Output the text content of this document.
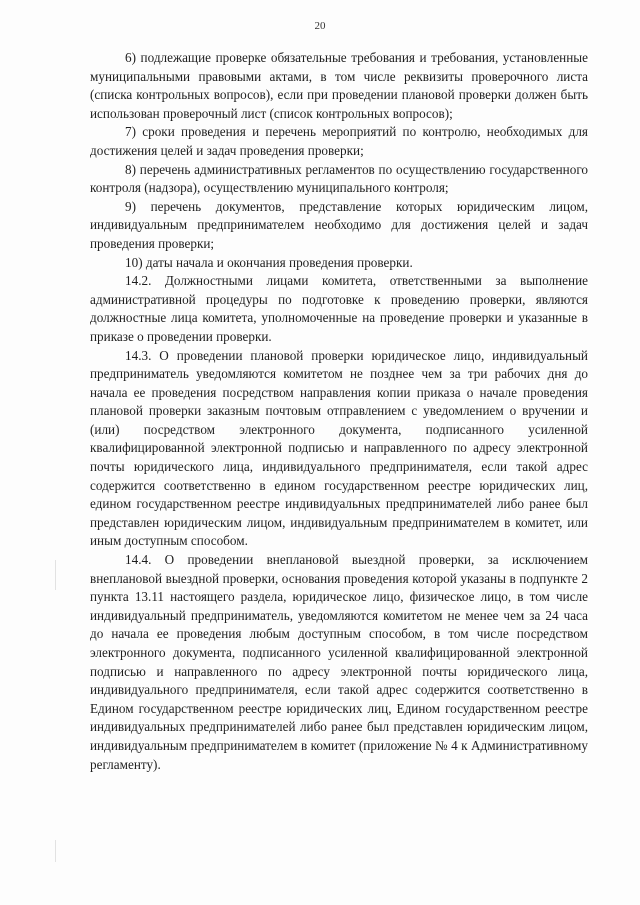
20

6) подлежащие проверке обязательные требования и требования, установленные муниципальными правовыми актами, в том числе реквизиты проверочного листа (списка контрольных вопросов), если при проведении плановой проверки должен быть использован проверочный лист (список контрольных вопросов);

7) сроки проведения и перечень мероприятий по контролю, необходимых для достижения целей и задач проведения проверки;

8) перечень административных регламентов по осуществлению государственного контроля (надзора), осуществлению муниципального контроля;

9) перечень документов, представление которых юридическим лицом, индивидуальным предпринимателем необходимо для достижения целей и задач проведения проверки;

10) даты начала и окончания проведения проверки.

14.2. Должностными лицами комитета, ответственными за выполнение административной процедуры по подготовке к проведению проверки, являются должностные лица комитета, уполномоченные на проведение проверки и указанные в приказе о проведении проверки.

14.3. О проведении плановой проверки юридическое лицо, индивидуальный предприниматель уведомляются комитетом не позднее чем за три рабочих дня до начала ее проведения посредством направления копии приказа о начале проведения плановой проверки заказным почтовым отправлением с уведомлением о вручении и (или) посредством электронного документа, подписанного усиленной квалифицированной электронной подписью и направленного по адресу электронной почты юридического лица, индивидуального предпринимателя, если такой адрес содержится соответственно в едином государственном реестре юридических лиц, едином государственном реестре индивидуальных предпринимателей либо ранее был представлен юридическим лицом, индивидуальным предпринимателем в комитет, или иным доступным способом.

14.4. О проведении внеплановой выездной проверки, за исключением внеплановой выездной проверки, основания проведения которой указаны в подпункте 2 пункта 13.11 настоящего раздела, юридическое лицо, физическое лицо, в том числе индивидуальный предприниматель, уведомляются комитетом не менее чем за 24 часа до начала ее проведения любым доступным способом, в том числе посредством электронного документа, подписанного усиленной квалифицированной электронной подписью и направленного по адресу электронной почты юридического лица, индивидуального предпринимателя, если такой адрес содержится соответственно в Едином государственном реестре юридических лиц, Едином государственном реестре индивидуальных предпринимателей либо ранее был представлен юридическим лицом, индивидуальным предпринимателем в комитет (приложение № 4 к Административному регламенту).
